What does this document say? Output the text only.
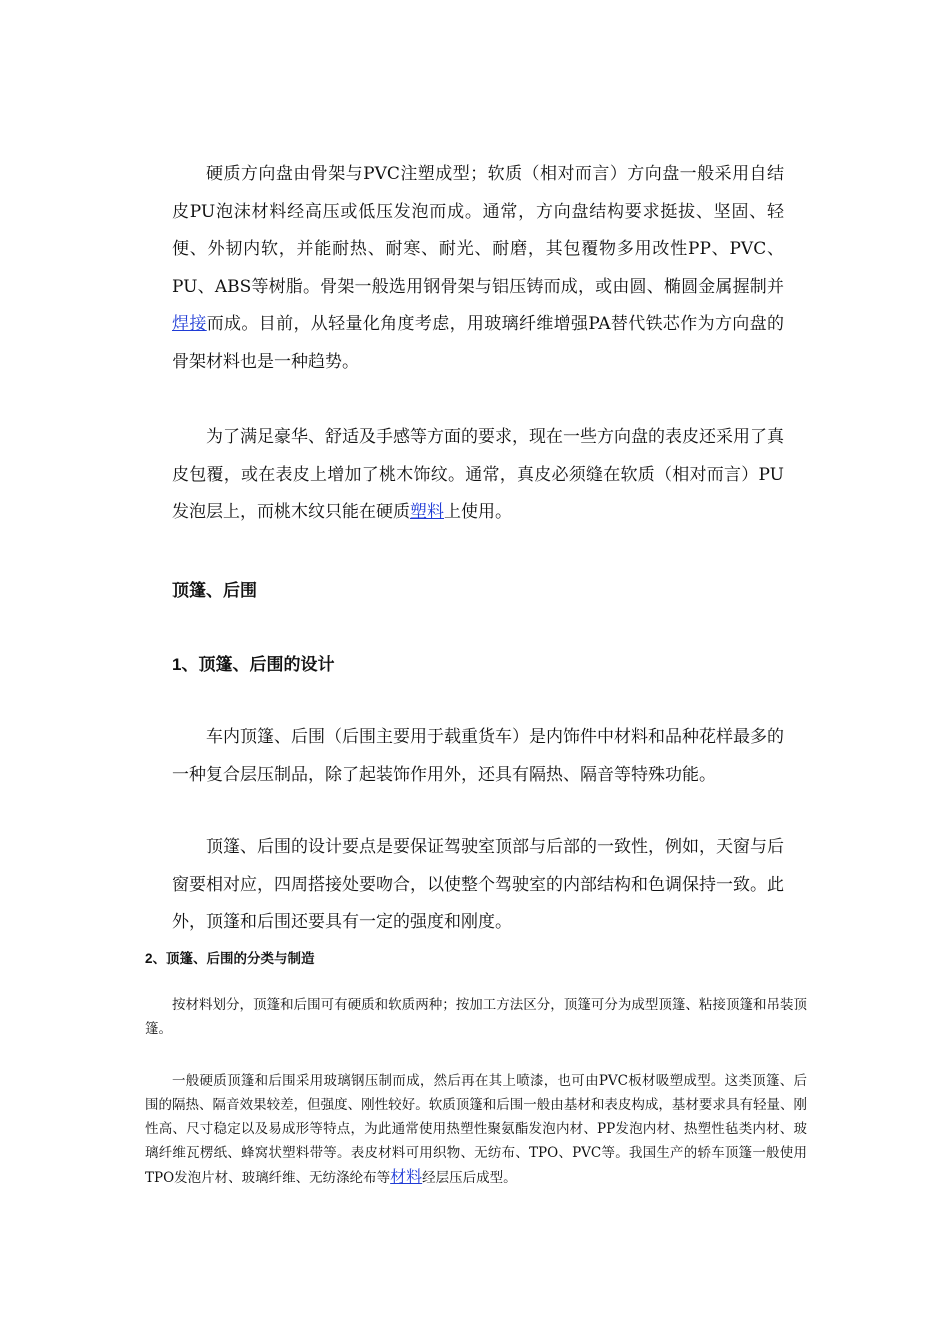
硬质方向盘由骨架与PVC注塑成型；软质（相对而言）方向盘一般采用自结皮PU泡沫材料经高压或低压发泡而成。通常，方向盘结构要求挺拔、坚固、轻便、外韧内软，并能耐热、耐寒、耐光、耐磨，其包覆物多用改性PP、PVC、PU、ABS等树脂。骨架一般选用钢骨架与铝压铸而成，或由圆、椭圆金属握制并焊接而成。目前，从轻量化角度考虑，用玻璃纤维增强PA替代铁芯作为方向盘的骨架材料也是一种趋势。

为了满足豪华、舒适及手感等方面的要求，现在一些方向盘的表皮还采用了真皮包覆，或在表皮上增加了桃木饰纹。通常，真皮必须缝在软质（相对而言）PU发泡层上，而桃木纹只能在硬质塑料上使用。

顶篷、后围
1、顶篷、后围的设计

车内顶篷、后围（后围主要用于载重货车）是内饰件中材料和品种花样最多的一种复合层压制品，除了起装饰作用外，还具有隔热、隔音等特殊功能。

顶篷、后围的设计要点是要保证驾驶室顶部与后部的一致性，例如，天窗与后窗要相对应，四周搭接处要吻合，以使整个驾驶室的内部结构和色调保持一致。此外，顶篷和后围还要具有一定的强度和刚度。

2、顶篷、后围的分类与制造

按材料划分，顶篷和后围可有硬质和软质两种；按加工方法区分，顶篷可分为成型顶篷、粘接顶篷和吊装顶篷。

一般硬质顶篷和后围采用玻璃钢压制而成，然后再在其上喷漆，也可由PVC板材吸塑成型。这类顶篷、后围的隔热、隔音效果较差，但强度、刚性较好。软质顶篷和后围一般由基材和表皮构成，基材要求具有轻量、刚性高、尺寸稳定以及易成形等特点，为此通常使用热塑性聚氨酯发泡内材、PP发泡内材、热塑性毡类内材、玻璃纤维瓦楞纸、蜂窝状塑料带等。表皮材料可用织物、无纺布、TPO、PVC等。我国生产的轿车顶篷一般使用TPO发泡片材、玻璃纤维、无纺涤纶布等材料经层压后成型。
